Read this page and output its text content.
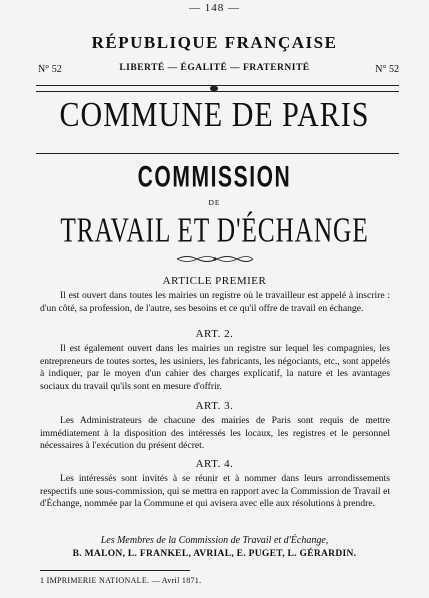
— 148 —
RÉPUBLIQUE FRANÇAISE
N° 52	LIBERTÉ — ÉGALITÉ — FRATERNITÉ	N° 52
COMMUNE DE PARIS
COMMISSION
DE
TRAVAIL ET D'ÉCHANGE
ARTICLE PREMIER

Il est ouvert dans toutes les mairies un registre où le travailleur est appelé à inscrire : d'un côté, sa profession, de l'autre, ses besoins et ce qu'il offre de travail en échange.

ART. 2.

Il est également ouvert dans les mairies un registre sur lequel les compagnies, les entrepreneurs de toutes sortes, les usiniers, les fabricants, les négociants, etc., sont appelés à indiquer, par le moyen d'un cahier des charges explicatif, la nature et les avantages sociaux du travail qu'ils sont en mesure d'offrir.

ART. 3.

Les Administrateurs de chacune des mairies de Paris sont requis de mettre immédiatement à la disposition des intéressés les locaux, les registres et le personnel nécessaires à l'exécution du présent décret.

ART. 4.

Les intéressés sont invités à se réunir et à nommer dans leurs arrondissements respectifs une sous-commission, qui se mettra en rapport avec la Commission de Travail et d'Échange, nommée par la Commune et qui avisera avec elle aux résolutions à prendre.

Les Membres de la Commission de Travail et d'Échange,
B. MALON, L. FRANKEL, AVRIAL, E. PUGET, L. GÉRARDIN.
1 IMPRIMERIE NATIONALE. — Avril 1871.
